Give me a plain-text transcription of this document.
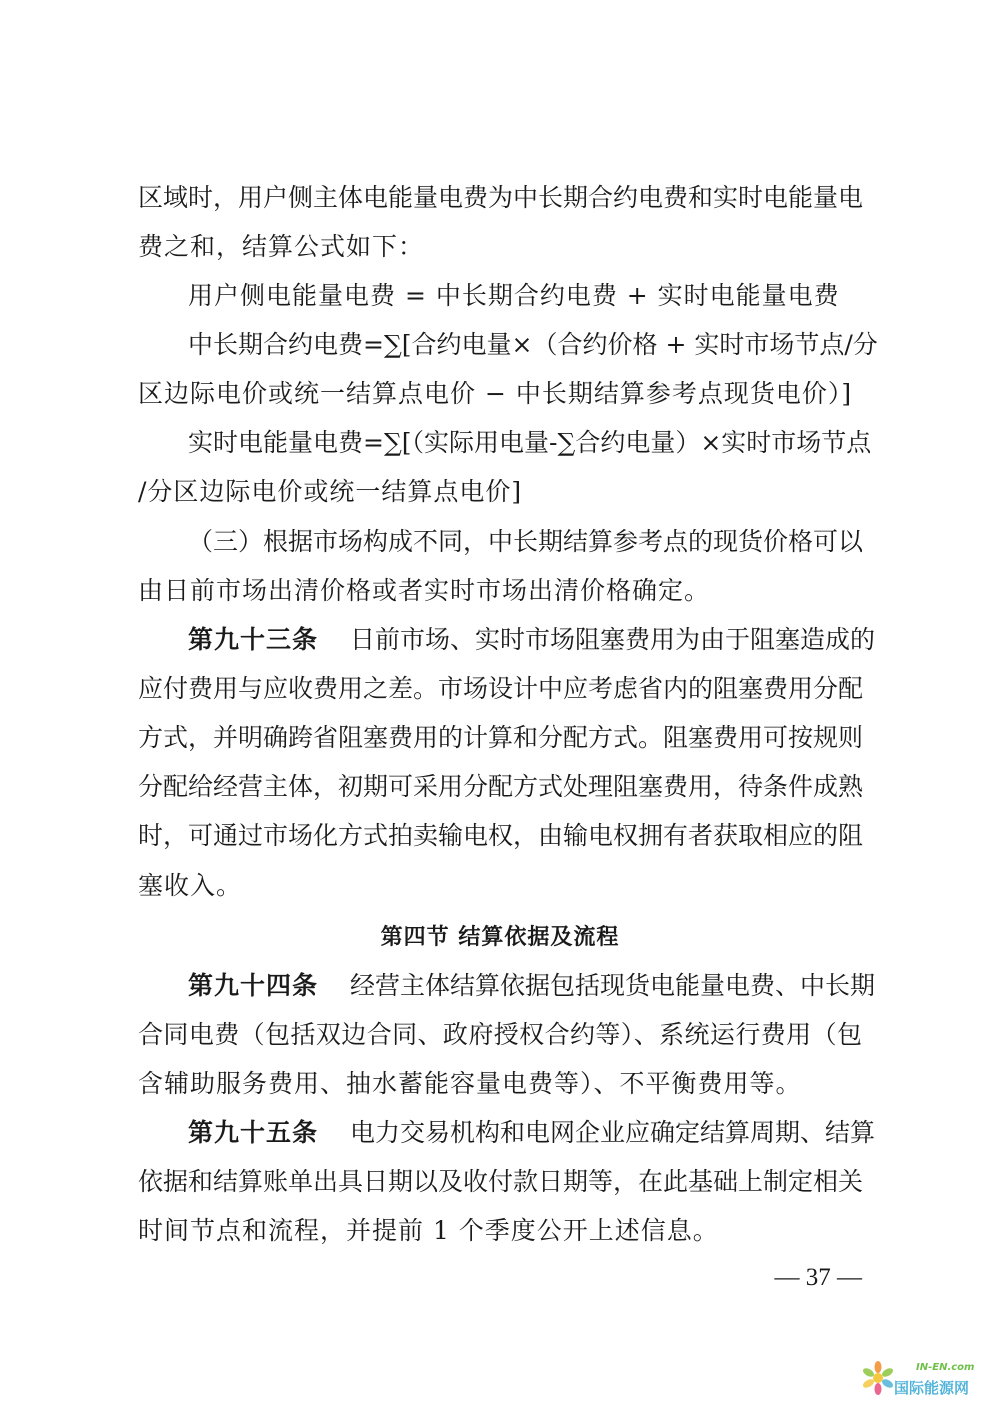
区域时，用户侧主体电能量电费为中长期合约电费和实时电能量电
费之和，结算公式如下：
用户侧电能量电费 = 中长期合约电费 + 实时电能量电费
中长期合约电费=∑[合约电量×（合约价格 + 实时市场节点/分
区边际电价或统一结算点电价 − 中长期结算参考点现货电价）]
实时电能量电费=∑[（实际用电量-∑合约电量）×实时市场节点
/分区边际电价或统一结算点电价]
（三）根据市场构成不同，中长期结算参考点的现货价格可以
由日前市场出清价格或者实时市场出清价格确定。
第九十三条	日前市场、实时市场阻塞费用为由于阻塞造成的
应付费用与应收费用之差。市场设计中应考虑省内的阻塞费用分配
方式，并明确跨省阻塞费用的计算和分配方式。阻塞费用可按规则
分配给经营主体，初期可采用分配方式处理阻塞费用，待条件成熟
时，可通过市场化方式拍卖输电权，由输电权拥有者获取相应的阻
塞收入。
第四节 结算依据及流程
第九十四条	经营主体结算依据包括现货电能量电费、中长期
合同电费（包括双边合同、政府授权合约等）、系统运行费用（包
含辅助服务费用、抽水蓄能容量电费等）、不平衡费用等。
第九十五条	电力交易机构和电网企业应确定结算周期、结算
依据和结算账单出具日期以及收付款日期等，在此基础上制定相关
时间节点和流程，并提前 1 个季度公开上述信息。
— 37 —
IN-EN.com
国际能源网
